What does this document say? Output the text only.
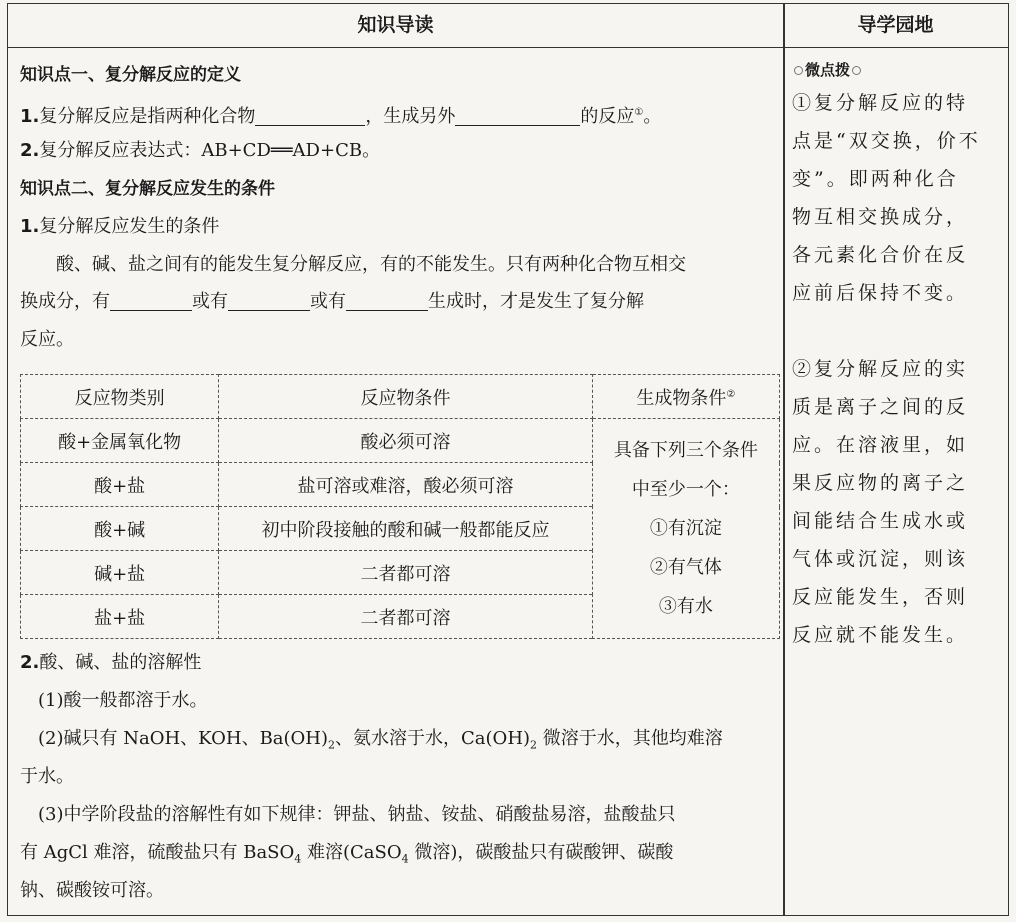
知识导读	导学园地
知识点一、复分解反应的定义
1.复分解反应是指两种化合物	，生成另外	的反应①。
2.复分解反应表达式：AB+CD══AD+CB。
知识点二、复分解反应发生的条件
1.复分解反应发生的条件
酸、碱、盐之间有的能发生复分解反应，有的不能发生。只有两种化合物互相交
换成分，有	或有	或有	生成时，才是发生了复分解
反应。
反应物类别	反应物条件	生成物条件②
酸+金属氧化物	酸必须可溶	具备下列三个条件
中至少一个：
①有沉淀
②有气体
③有水

酸+盐	盐可溶或难溶，酸必须可溶	
酸+碱	初中阶段接触的酸和碱一般都能反应	
碱+盐	二者都可溶	
盐+盐	二者都可溶	
2.酸、碱、盐的溶解性
(1)酸一般都溶于水。
(2)碱只有 NaOH、KOH、$Ba(OH)_2$、氨水溶于水，$Ca(OH)_2$ 微溶于水，其他均难溶
于水。
(3)中学阶段盐的溶解性有如下规律：钾盐、钠盐、铵盐、硝酸盐易溶，盐酸盐只
有 AgCl 难溶，硫酸盐只有 BaSO$_4$ 难溶(CaSO$_4$ 微溶)，碳酸盐只有碳酸钾、碳酸
钠、碳酸铵可溶。
微点拨
①复分解反应的特
点是“双交换，价不
变”。即两种化合
物互相交换成分，
各元素化合价在反
应前后保持不变。
②复分解反应的实
质是离子之间的反
应。在溶液里，如
果反应物的离子之
间能结合生成水或
气体或沉淀，则该
反应能发生，否则
反应就不能发生。
